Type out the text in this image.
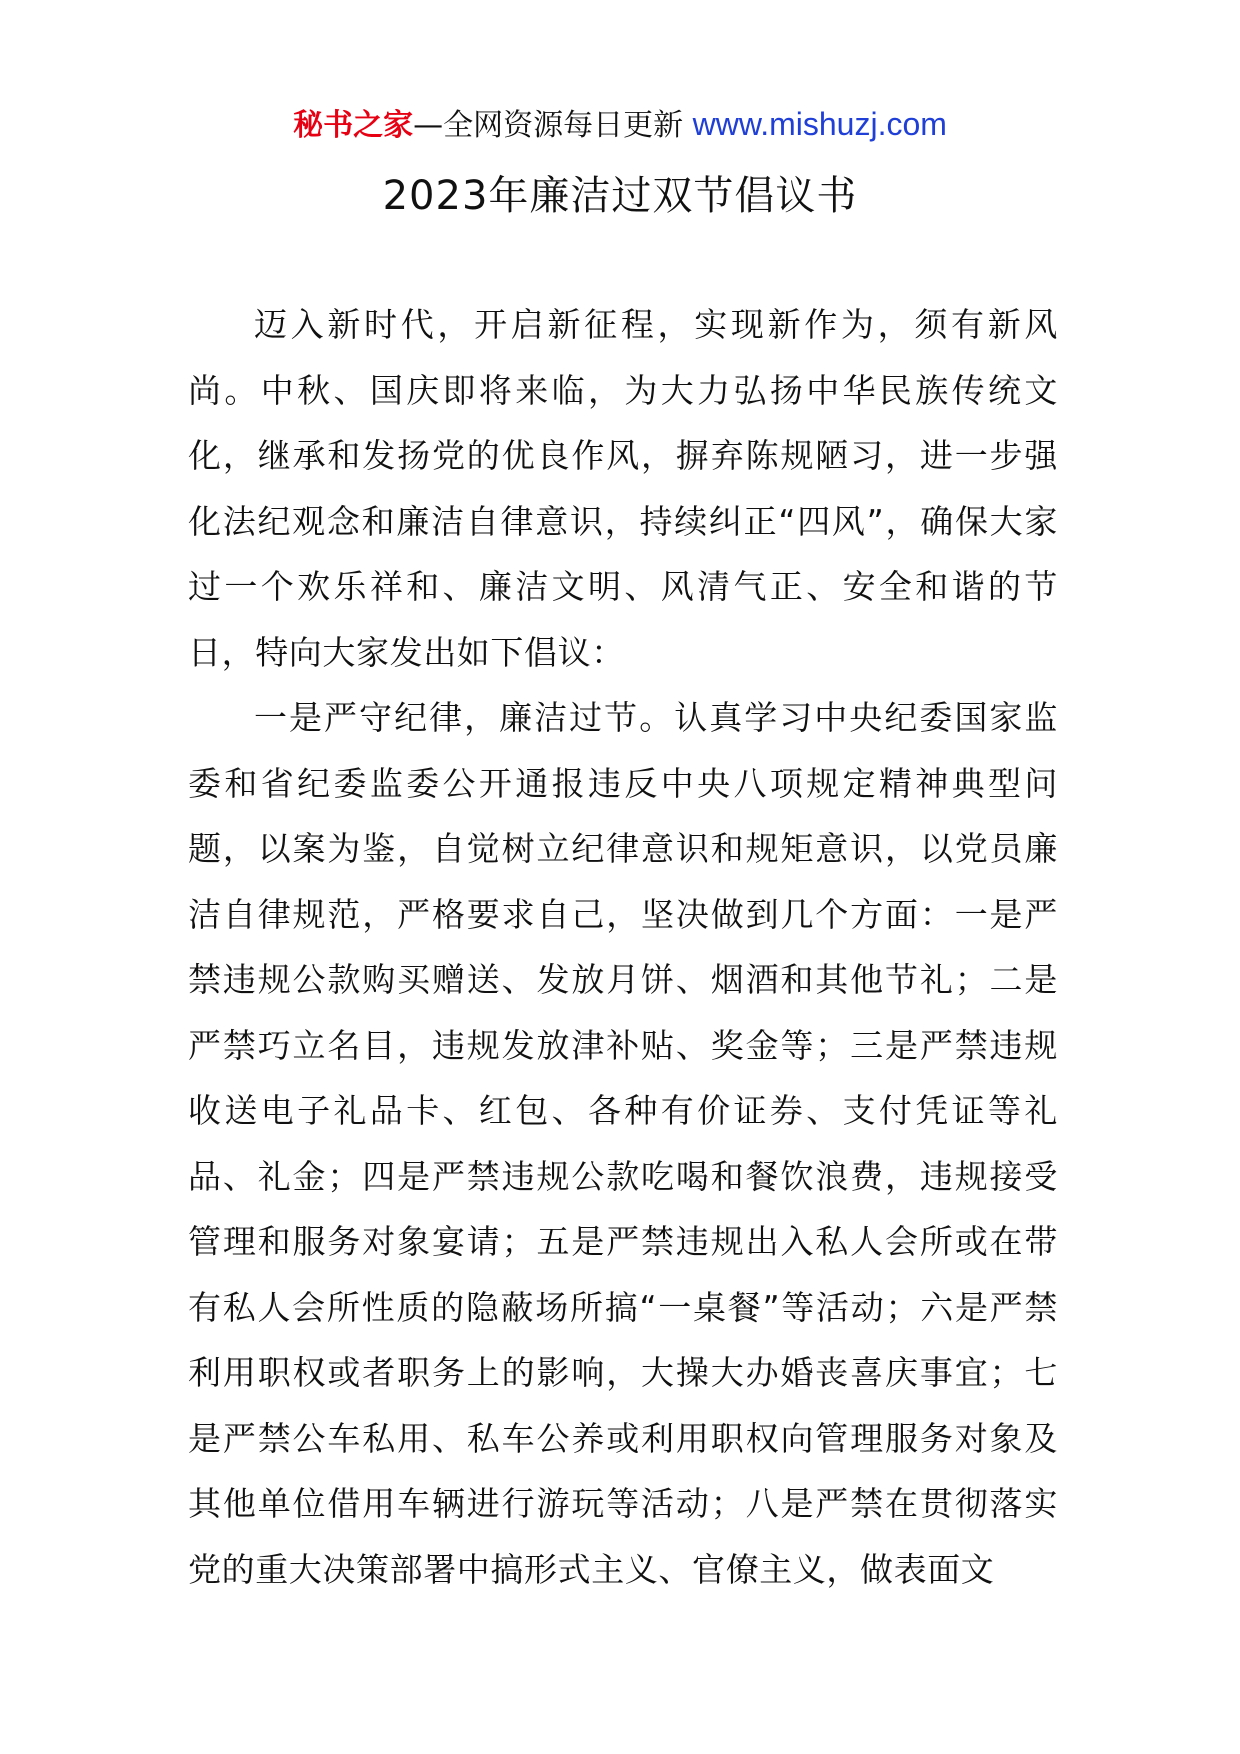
秘书之家—全网资源每日更新 www.mishuzj.com
2023年廉洁过双节倡议书

迈入新时代，开启新征程，实现新作为，须有新风尚。中秋、国庆即将来临，为大力弘扬中华民族传统文化，继承和发扬党的优良作风，摒弃陈规陋习，进一步强化法纪观念和廉洁自律意识，持续纠正“四风”，确保大家过一个欢乐祥和、廉洁文明、风清气正、安全和谐的节日，特向大家发出如下倡议：

一是严守纪律，廉洁过节。认真学习中央纪委国家监委和省纪委监委公开通报违反中央八项规定精神典型问题，以案为鉴，自觉树立纪律意识和规矩意识，以党员廉洁自律规范，严格要求自己，坚决做到几个方面：一是严禁违规公款购买赠送、发放月饼、烟酒和其他节礼；二是严禁巧立名目，违规发放津补贴、奖金等；三是严禁违规收送电子礼品卡、红包、各种有价证券、支付凭证等礼品、礼金；四是严禁违规公款吃喝和餐饮浪费，违规接受管理和服务对象宴请；五是严禁违规出入私人会所或在带有私人会所性质的隐蔽场所搞“一桌餐”等活动；六是严禁利用职权或者职务上的影响，大操大办婚丧喜庆事宜；七是严禁公车私用、私车公养或利用职权向管理服务对象及其他单位借用车辆进行游玩等活动；八是严禁在贯彻落实党的重大决策部署中搞形式主义、官僚主义，做表面文
